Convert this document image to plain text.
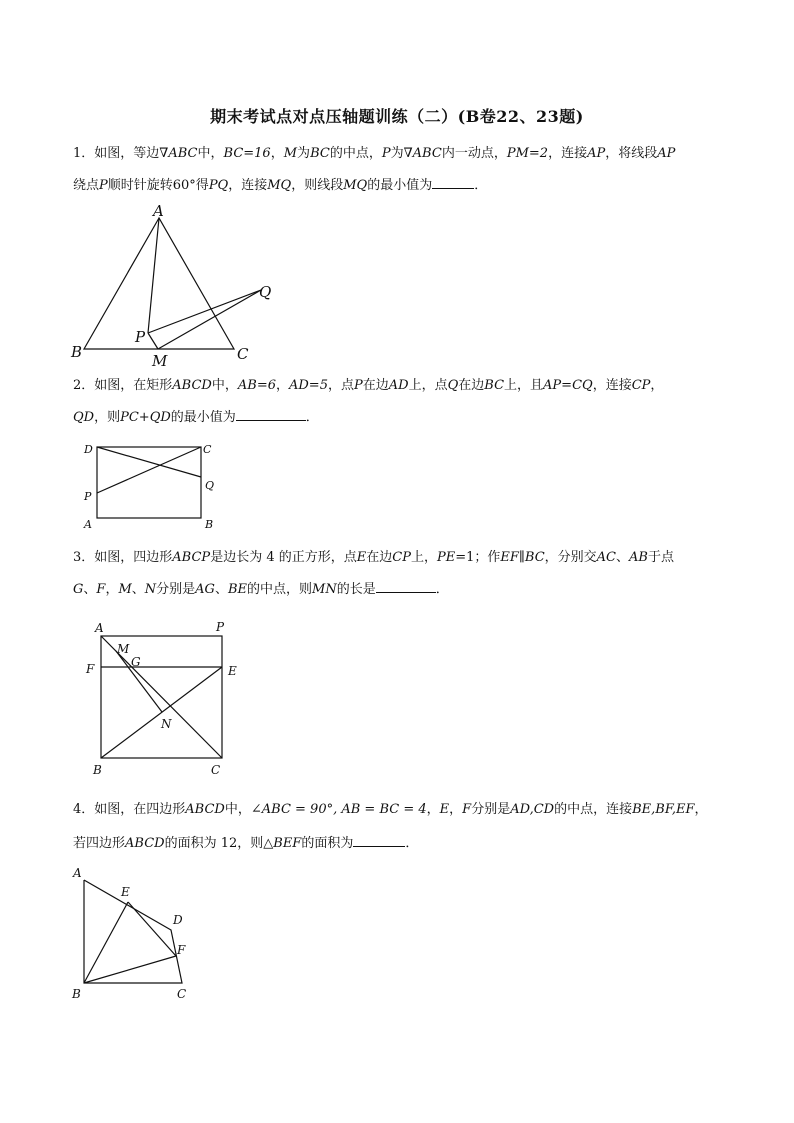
期末考试点对点压轴题训练（二）(B卷22、23题)
1．如图，等边∇ABC中，BC=16，M为BC的中点，P为∇ABC内一动点，PM=2，连接AP，将线段AP
绕点P顺时针旋转60°得PQ，连接MQ，则线段MQ的最小值为	．
A
B	C
P
Q
M
2．如图，在矩形ABCD中，AB=6，AD=5，点P在边AD上，点Q在边BC上，且AP=CQ，连接CP，
QD，则PC+QD的最小值为	．
D	C
Q
P
A	B
3．如图，四边形ABCP是边长为 4 的正方形，点E在边CP上，PE=1；作EF∥BC，分别交AC、AB于点
G、F，M、N分别是AG、BE的中点，则MN的长是	．
A	P
M
G
F	E
N
B	C
4．如图，在四边形ABCD中，∠ABC = 90°, AB = BC = 4，E，F分别是AD,CD的中点，连接BE,BF,EF，
若四边形ABCD的面积为 12，则△BEF的面积为	．
A
E
D
F
B	C
